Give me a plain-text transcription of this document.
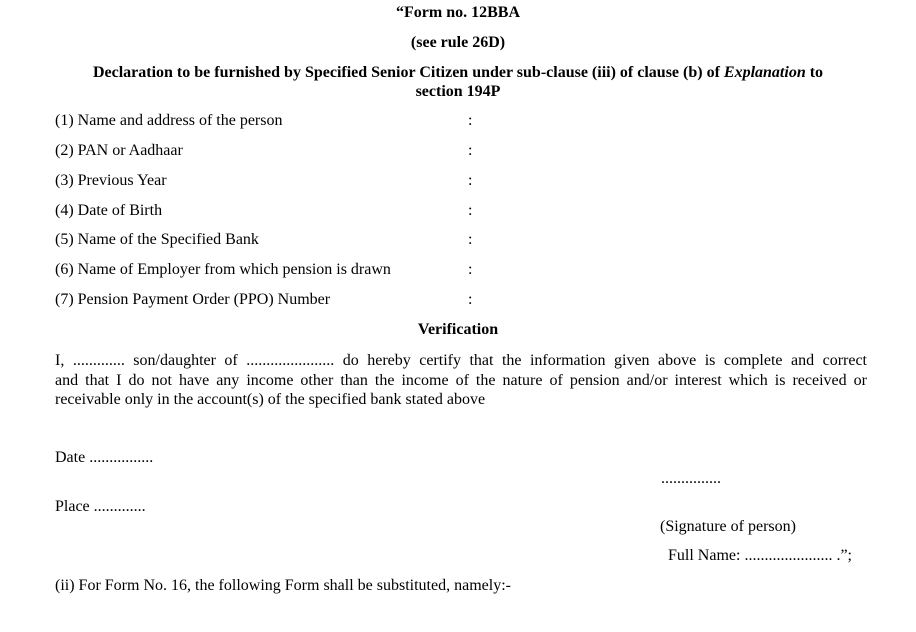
“Form no. 12BBA
(see rule 26D)
Declaration to be furnished by Specified Senior Citizen under sub-clause (iii) of clause (b) of Explanation to
section 194P
(1) Name and address of the person	:
(2) PAN or Aadhaar	:
(3) Previous Year	:
(4) Date of Birth	:
(5) Name of the Specified Bank	:
(6) Name of Employer from which pension is drawn	:
(7) Pension Payment Order (PPO) Number	:
Verification
I, ............. son/daughter of ...................... do hereby certify that the information given above is complete and correct
and that I do not have any income other than the income of the nature of pension and/or interest which is received or
receivable only in the account(s) of the specified bank stated above
Date ................
Place .............
...............
(Signature of person)
Full Name: ...................... .”;
(ii) For Form No. 16, the following Form shall be substituted, namely:-
